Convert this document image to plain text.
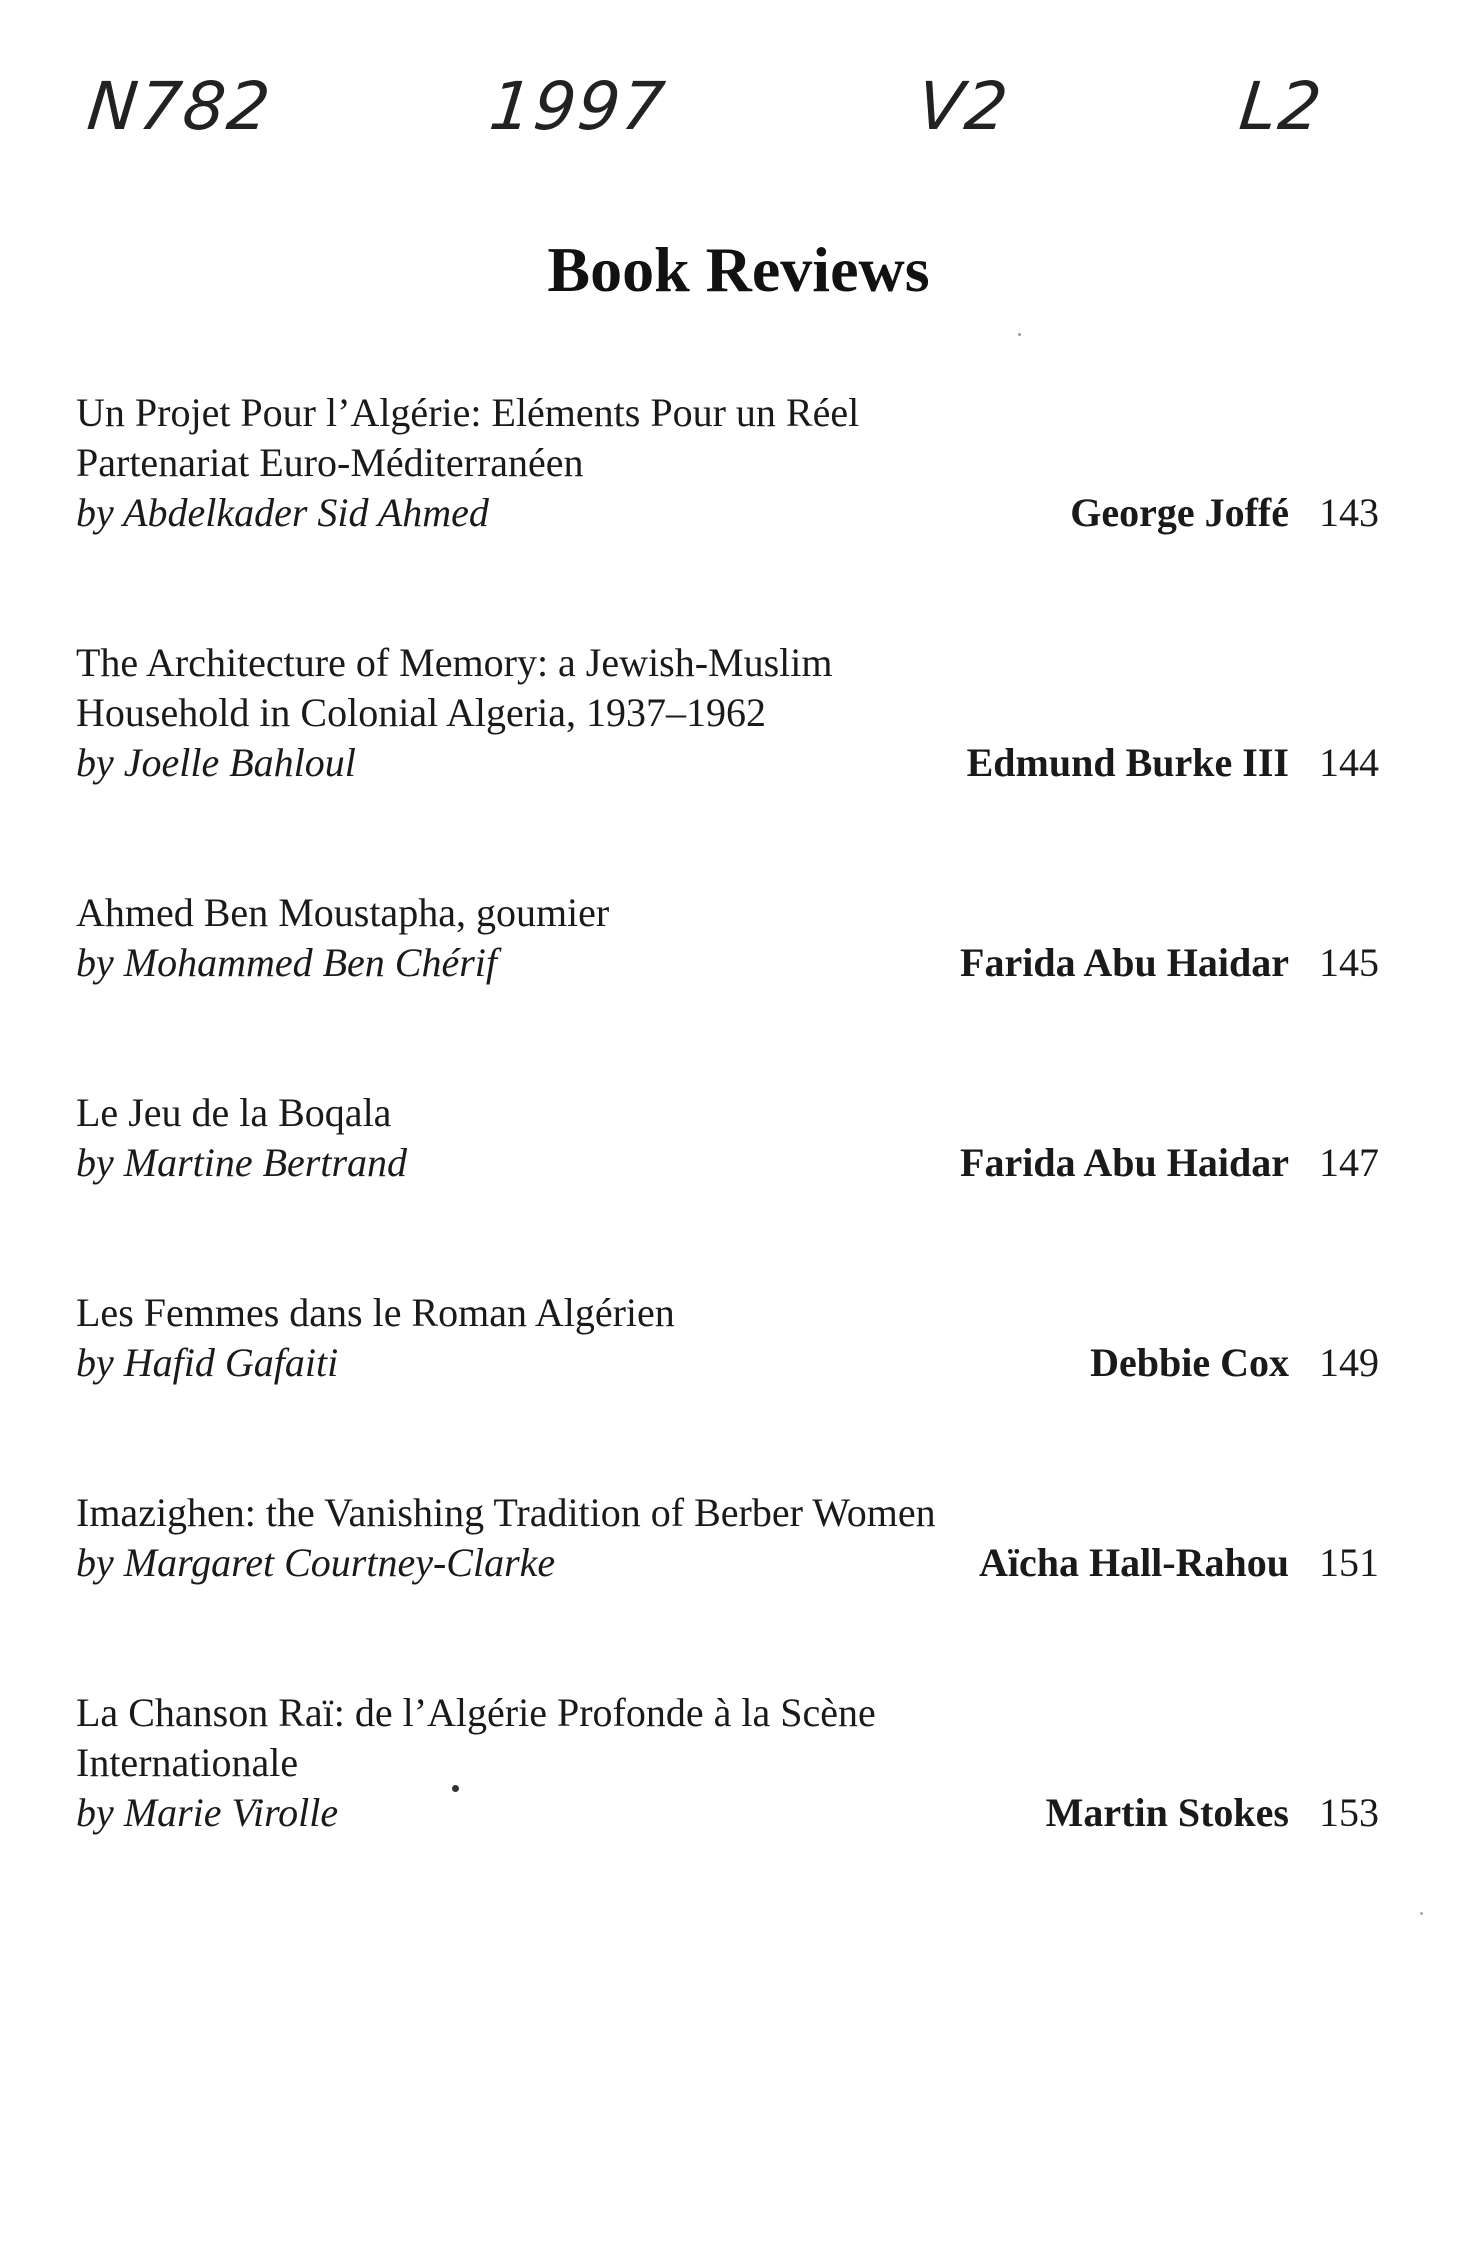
N782	1997	V2	L2
Book Reviews
Un Projet Pour l’Algérie: Eléments Pour un Réel Partenariat Euro-Méditerranéen
by Abdelkader Sid Ahmed	George Joffé 143
The Architecture of Memory: a Jewish-Muslim Household in Colonial Algeria, 1937–1962
by Joelle Bahloul	Edmund Burke III 144
Ahmed Ben Moustapha, goumier
by Mohammed Ben Chérif	Farida Abu Haidar 145
Le Jeu de la Boqala
by Martine Bertrand	Farida Abu Haidar 147
Les Femmes dans le Roman Algérien
by Hafid Gafaiti	Debbie Cox 149
Imazighen: the Vanishing Tradition of Berber Women
by Margaret Courtney-Clarke	Aïcha Hall-Rahou 151
La Chanson Raï: de l’Algérie Profonde à la Scène Internationale
by Marie Virolle	Martin Stokes 153
